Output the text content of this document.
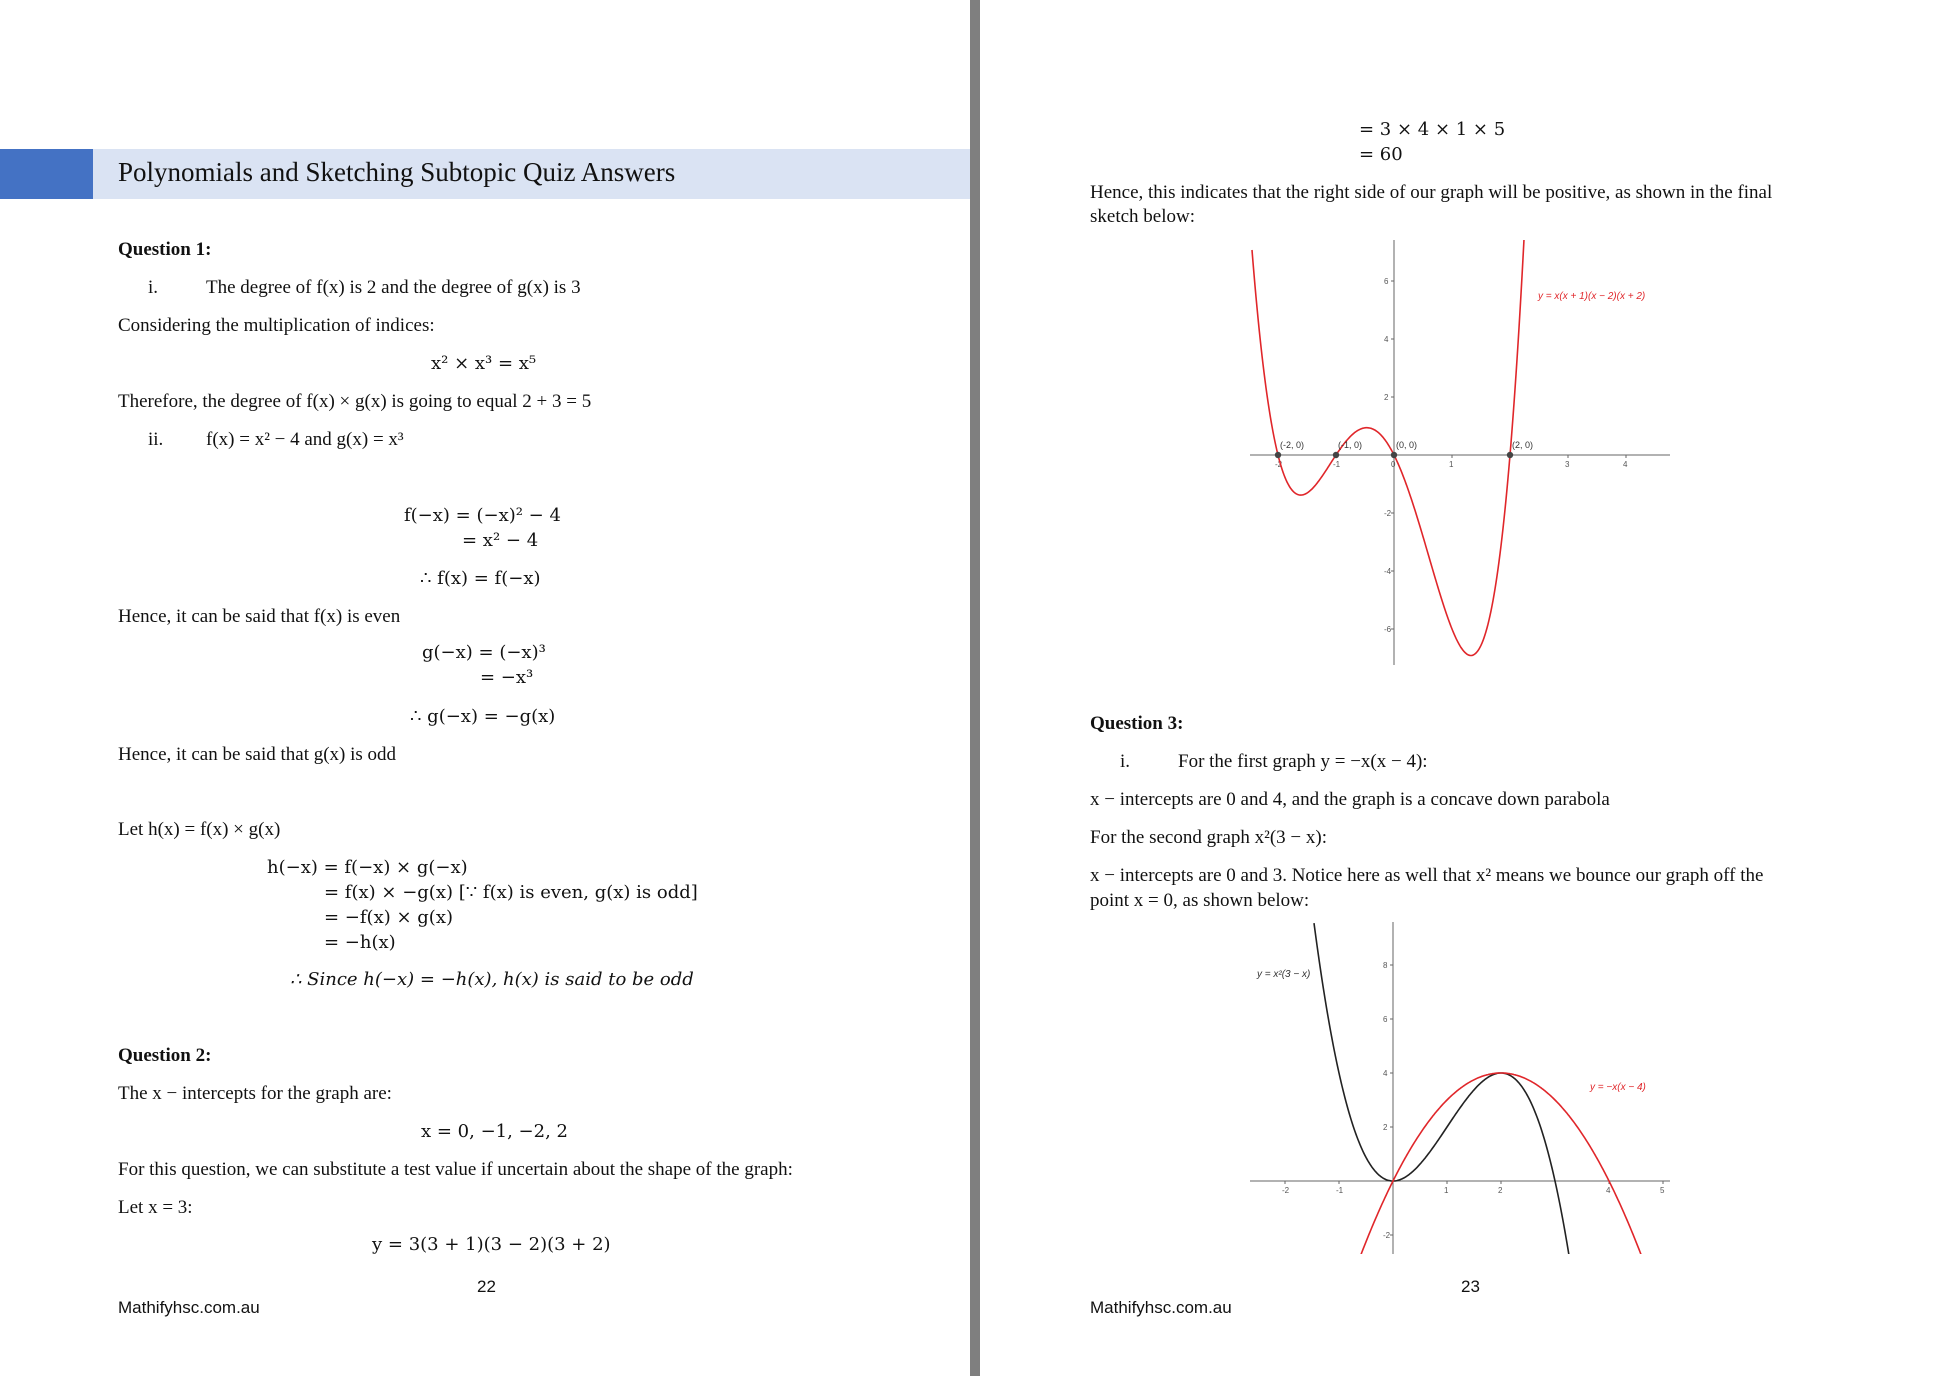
Polynomials and Sketching Subtopic Quiz Answers
Question 1:
i.	The degree of f(x) is 2 and the degree of g(x) is 3
Considering the multiplication of indices:
x² × x³ = x⁵
Therefore, the degree of f(x) × g(x) is going to equal 2 + 3 = 5
ii. f(x) = x² − 4 and g(x) = x³
f(−x) = (−x)² − 4
= x² − 4
∴ f(x) = f(−x)
Hence, it can be said that f(x) is even
g(−x) = (−x)³
= −x³
∴ g(−x) = −g(x)
Hence, it can be said that g(x) is odd
Let h(x) = f(x) × g(x)
h(−x) = f(−x) × g(−x)
= f(x) × −g(x) [∵ f(x) is even, g(x) is odd]
= −f(x) × g(x)
= −h(x)
∴ Since h(−x) = −h(x), h(x) is said to be odd
Question 2:
The x − intercepts for the graph are:
x = 0, −1, −2, 2
For this question, we can substitute a test value if uncertain about the shape of the graph:
Let x = 3:
y = 3(3 + 1)(3 − 2)(3 + 2)
22
Mathifyhsc.com.au
= 3 × 4 × 1 × 5
= 60
Hence, this indicates that the right side of our graph will be positive, as shown in the final
sketch below:
-2	-1	0	1	3	4
6
4
2
-2
-4
-6
(-2, 0)	(-1, 0)	(0, 0)	(2, 0)
y = x(x + 1)(x − 2)(x + 2)
Question 3:
i.	For the first graph y = −x(x − 4):
x − intercepts are 0 and 4, and the graph is a concave down parabola
For the second graph x²(3 − x):
x − intercepts are 0 and 3. Notice here as well that x² means we bounce our graph off the
point x = 0, as shown below:
-2	-1	1	2	4	5
8
6
4
2
-2
y = x²(3 − x)
y = −x(x − 4)
23
Mathifyhsc.com.au
